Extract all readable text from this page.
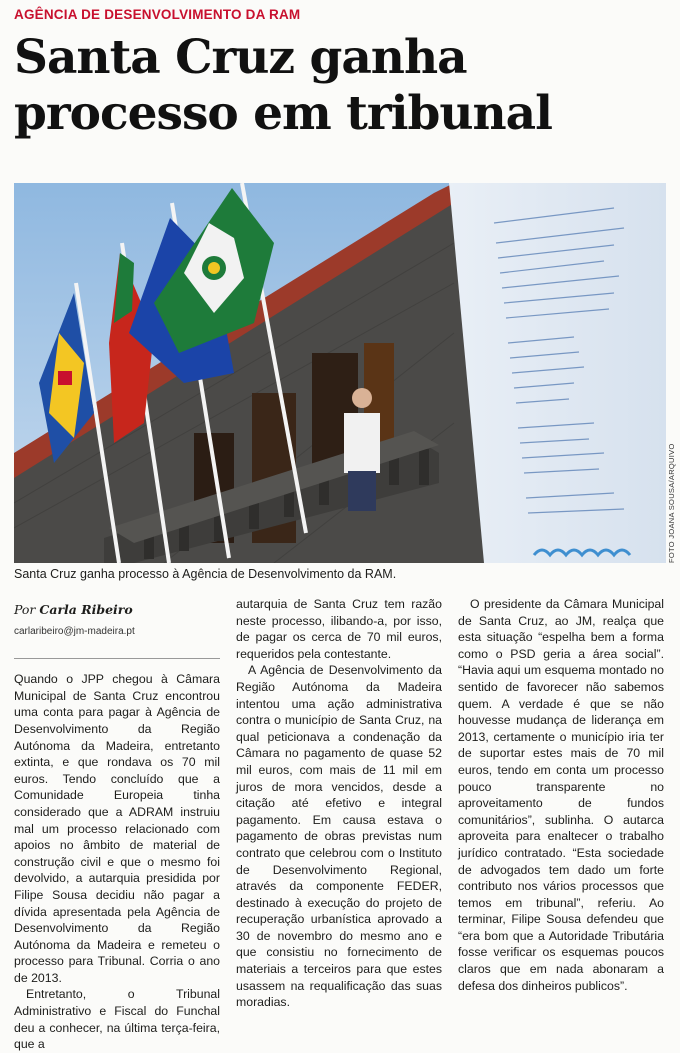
AGÊNCIA DE DESENVOLVIMENTO DA RAM
Santa Cruz ganha processo em tribunal
FOTO JOANA SOUSA/ARQUIVO
Santa Cruz ganha processo à Agência de Desenvolvimento da RAM.
Por Carla Ribeiro
carlaribeiro@jm-madeira.pt

Quando o JPP chegou à Câmara Municipal de Santa Cruz encontrou uma conta para pagar à Agência de Desenvolvimento da Região Autónoma da Madeira, entretanto extinta, e que rondava os 70 mil euros. Tendo concluído que a Comunidade Europeia tinha considerado que a ADRAM instruiu mal um processo relacionado com apoios no âmbito de material de construção civil e que o mesmo foi devolvido, a autarquia presidida por Filipe Sousa decidiu não pagar a dívida apresentada pela Agência de Desenvolvimento da Região Autónoma da Madeira e remeteu o processo para Tribunal. Corria o ano de 2013.

Entretanto, o Tribunal Administrativo e Fiscal do Funchal deu a conhecer, na última terça-feira, que a

autarquia de Santa Cruz tem razão neste processo, ilibando-a, por isso, de pagar os cerca de 70 mil euros, requeridos pela contestante.

A Agência de Desenvolvimento da Região Autónoma da Madeira intentou uma ação administrativa contra o município de Santa Cruz, na qual peticionava a condenação da Câmara no pagamento de quase 52 mil euros, com mais de 11 mil em juros de mora vencidos, desde a citação até efetivo e integral pagamento. Em causa estava o pagamento de obras previstas num contrato que celebrou com o Instituto de Desenvolvimento Regional, através da componente FEDER, destinado à execução do projeto de recuperação urbanística aprovado a 30 de novembro do mesmo ano e que consistiu no fornecimento de materiais a terceiros para que estes usassem na requalificação das suas moradias.

O presidente da Câmara Municipal de Santa Cruz, ao JM, realça que esta situação “espelha bem a forma como o PSD geria a área social”. “Havia aqui um esquema montado no sentido de favorecer não sabemos quem. A verdade é que se não houvesse mudança de liderança em 2013, certamente o município iria ter de suportar estes mais de 70 mil euros, tendo em conta um processo pouco transparente no aproveitamento de fundos comunitários”, sublinha. O autarca aproveita para enaltecer o trabalho jurídico contratado. “Esta sociedade de advogados tem dado um forte contributo nos vários processos que temos em tribunal”, referiu. Ao terminar, Filipe Sousa defendeu que “era bom que a Autoridade Tributária fosse verificar os esquemas poucos claros que em nada abonaram a defesa dos dinheiros publicos”.
